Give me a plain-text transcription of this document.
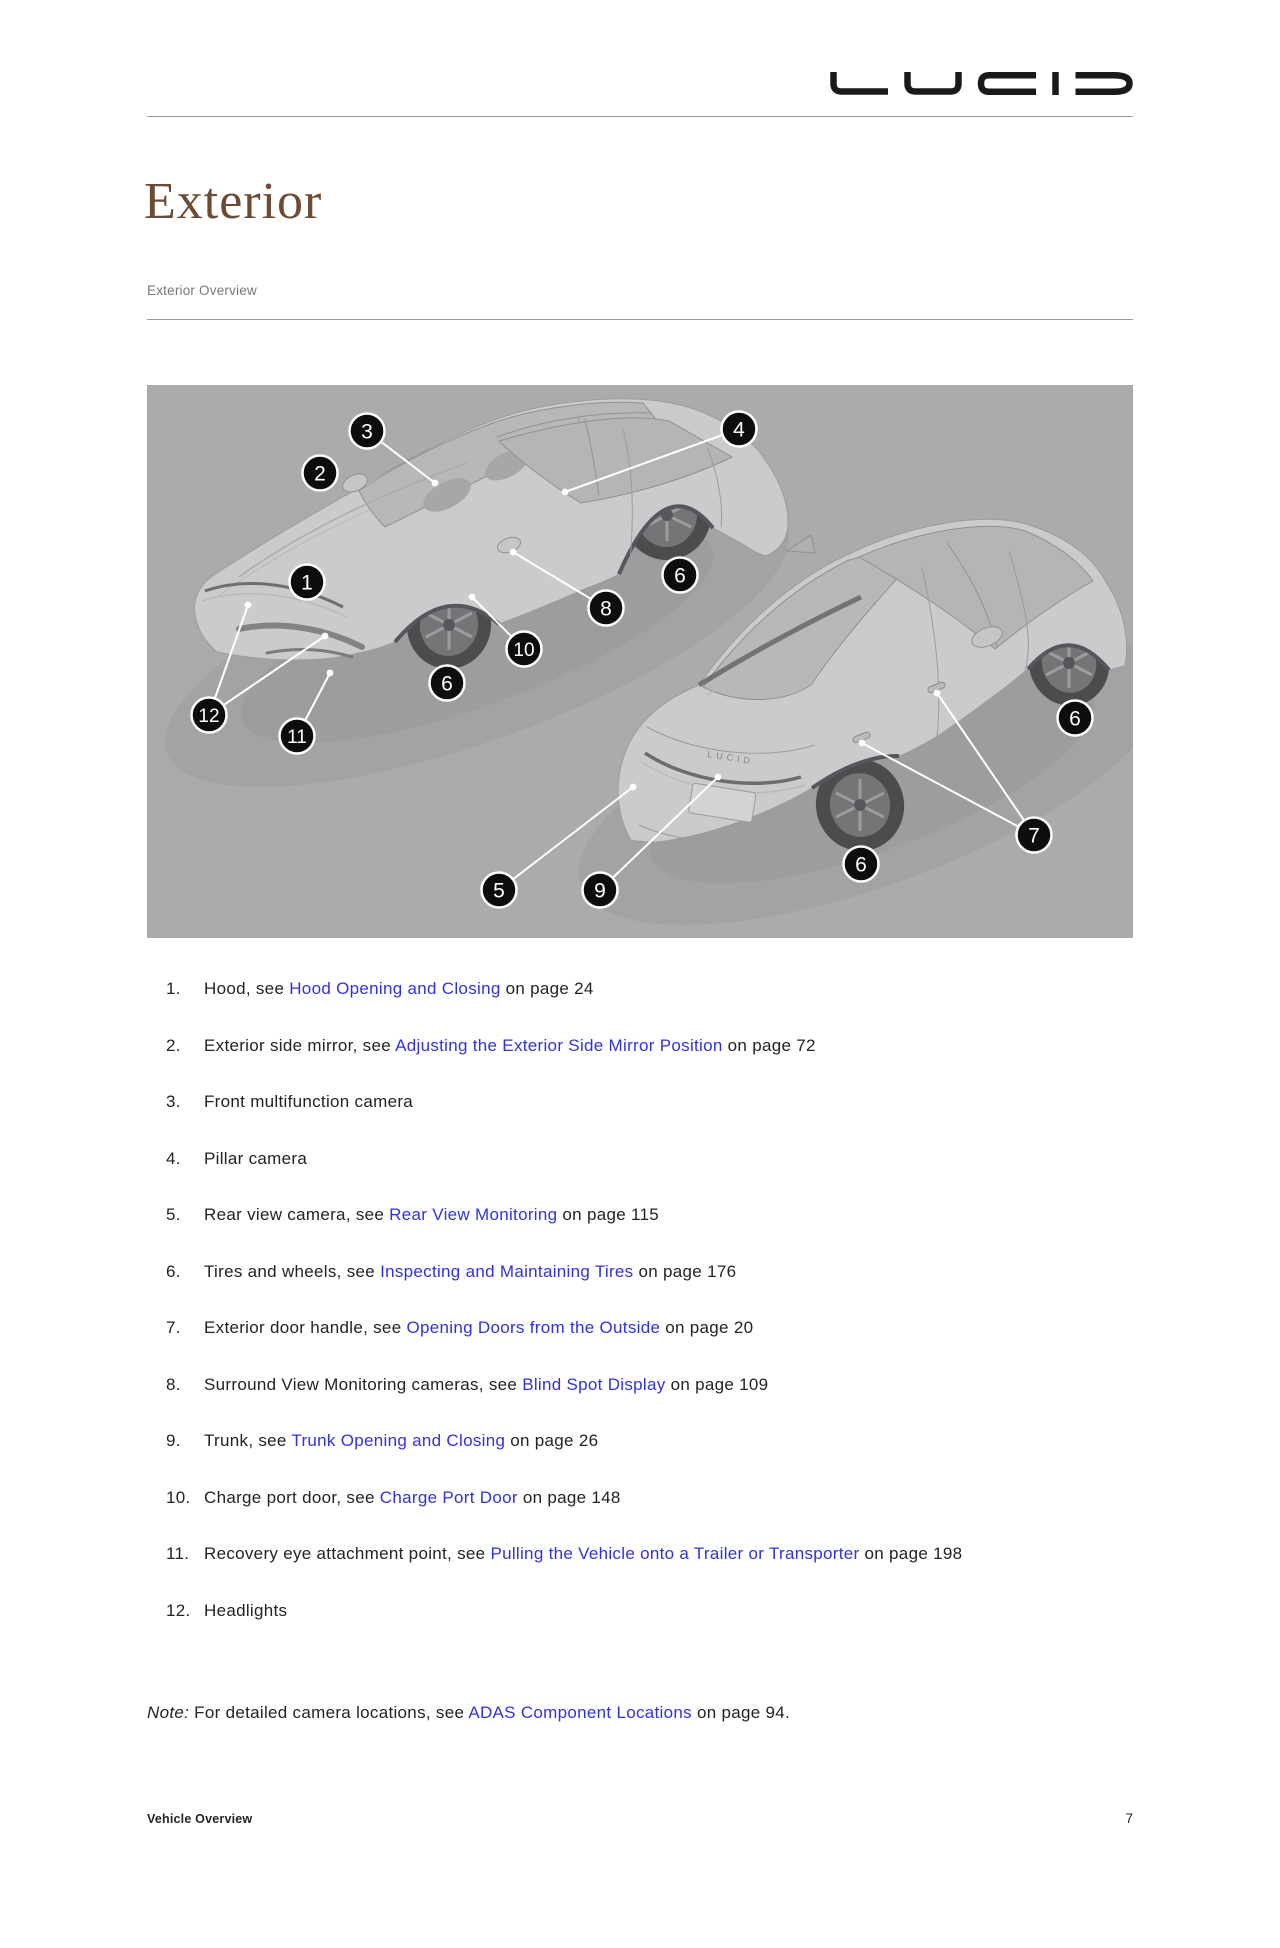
Exterior
Exterior Overview
LUCID
1
2
3	4
5
6
6
6
6
7
8
9
10
11
12
1. Hood, see Hood Opening and Closing on page 24
2. Exterior side mirror, see Adjusting the Exterior Side Mirror Position on page 72
3. Front multifunction camera
4. Pillar camera
5. Rear view camera, see Rear View Monitoring on page 115
6. Tires and wheels, see Inspecting and Maintaining Tires on page 176
7. Exterior door handle, see Opening Doors from the Outside on page 20
8. Surround View Monitoring cameras, see Blind Spot Display on page 109
9. Trunk, see Trunk Opening and Closing on page 26
10. Charge port door, see Charge Port Door on page 148
11. Recovery eye attachment point, see Pulling the Vehicle onto a Trailer or Transporter on page 198
12. Headlights

Note: For detailed camera locations, see ADAS Component Locations on page 94.

Vehicle Overview	7
